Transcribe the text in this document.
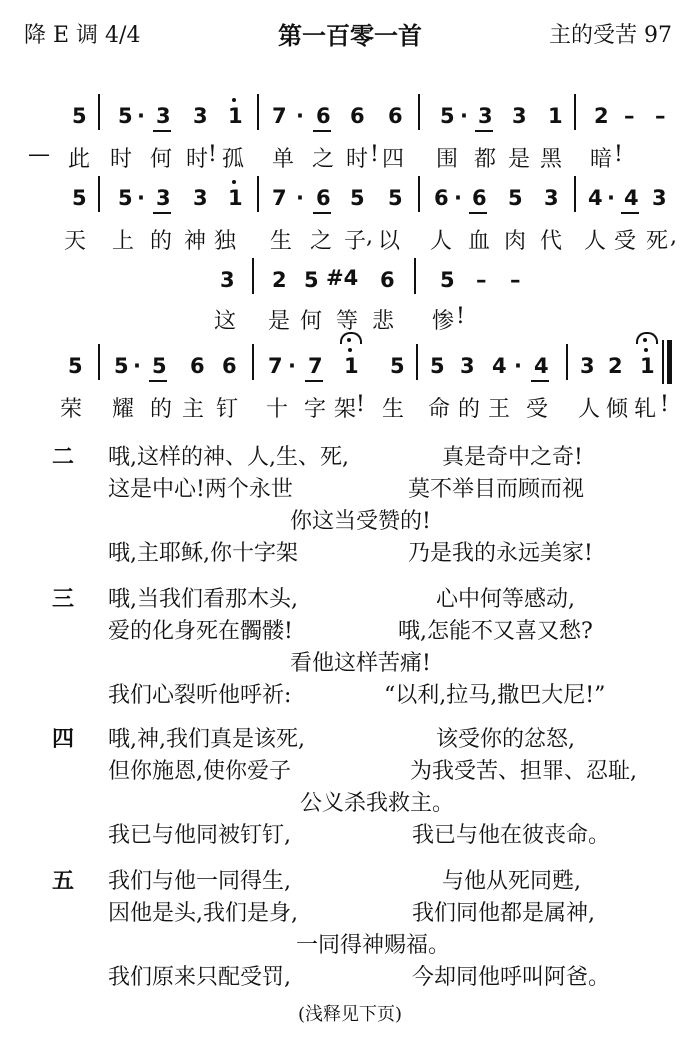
降 E 调 4/4	第一百零一首	主的受苦 97
5 5 · 3 3 1 7 · 6 6 6 5 · 3 3 1 2 – –
— 此 时 何 时 ! 孤 单 之 时 ! 四 围 都 是 黑 暗 !
5 5 · 3 3 1 7 · 6 5 5 6 · 6 5 3 4 · 4 3
天 上 的 神 独 生 之 子 , 以 人 血 肉 代 人 受 死 ,
3 2 5 #4 6 5 – –
这 是 何 等 悲 惨 !
5 5 · 5 6 6 7 · 7 1 5 5 3 4 · 4 3 2 1
荣 耀 的 主 钉 十 字 架 ! 生 命 的 王 受 人 倾 轧 !
二 哦,这样的神、人,生、死,	真是奇中之奇!
这是中心!两个永世	莫不举目而顾而视
你这当受赞的!
哦,主耶稣,你十字架	乃是我的永远美家!
三 哦,当我们看那木头,	心中何等感动,
爱的化身死在髑髅!	哦,怎能不又喜又愁?
看他这样苦痛!
我们心裂听他呼祈:	“以利,拉马,撒巴大尼!”
四 哦,神,我们真是该死,	该受你的忿怒,
但你施恩,使你爱子	为我受苦、担罪、忍耻,
公义杀我救主。
我已与他同被钉钉,	我已与他在彼丧命。
五 我们与他一同得生,	与他从死同甦,
因他是头,我们是身,	我们同他都是属神,
一同得神赐福。
我们原来只配受罚,	今却同他呼叫阿爸。
(浅释见下页)
